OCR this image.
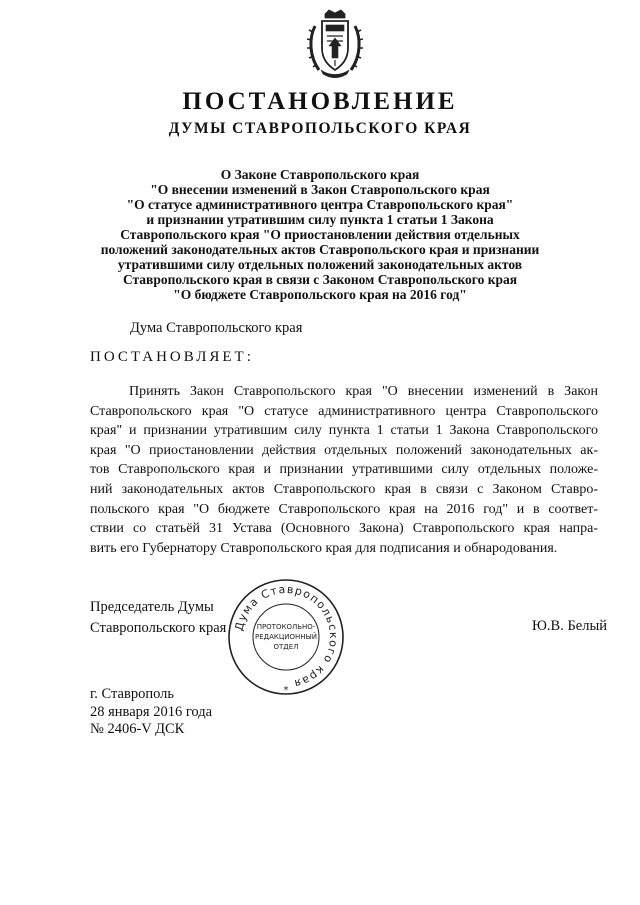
ПОСТАНОВЛЕНИЕ
ДУМЫ СТАВРОПОЛЬСКОГО КРАЯ
О Законе Ставропольского края
"О внесении изменений в Закон Ставропольского края
"О статусе административного центра Ставропольского края"
и признании утратившим силу пункта 1 статьи 1 Закона
Ставропольского края "О приостановлении действия отдельных
положений законодательных актов Ставропольского края и признании
утратившими силу отдельных положений законодательных актов
Ставропольского края в связи с Законом Ставропольского края
"О бюджете Ставропольского края на 2016 год"
Дума Ставропольского края
ПОСТАНОВЛЯЕТ:
Принять Закон Ставропольского края "О внесении изменений в Закон
Ставропольского края "О статусе административного центра Ставропольского
края" и признании утратившим силу пункта 1 статьи 1 Закона Ставропольского
края "О приостановлении действия отдельных положений законодательных ак-
тов Ставропольского края и признании утратившими силу отдельных положе-
ний законодательных актов Ставропольского края в связи с Законом Ставро-
польского края "О бюджете Ставропольского края на 2016 год" и в соответ-
ствии со статьёй 31 Устава (Основного Закона) Ставропольского края напра-
вить его Губернатору Ставропольского края для подписания и обнародования.
Председатель Думы
Ставропольского края Дума Ставропольского края
ПРОТОКОЛЬНО-
РЕДАКЦИОННЫЙ
ОТДЕЛ
*
Ю.В. Белый
г. Ставрополь
28 января 2016 года
№ 2406-V ДСК
